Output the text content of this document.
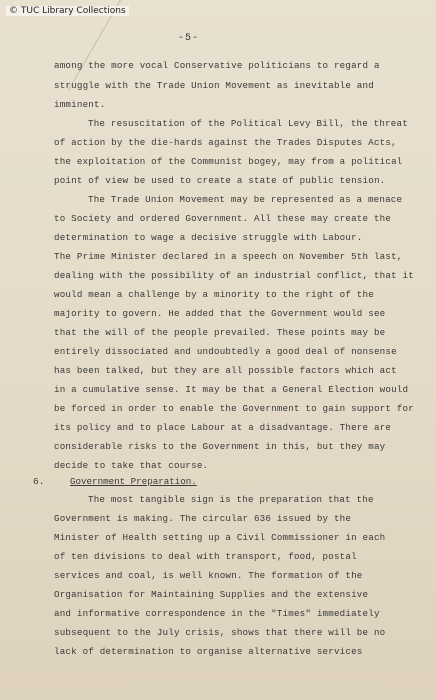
© TUC Library Collections
-5-
among the more vocal Conservative politicians to regard a
struggle with the Trade Union Movement as inevitable and
imminent.
The resuscitation of the Political Levy Bill, the threat
of action by the die-hards against the Trades Disputes Acts,
the exploitation of the Communist bogey, may from a political
point of view be used to create a state of public tension.
The Trade Union Movement may be represented as a menace
to Society and ordered Government. All these may create the
determination to wage a decisive struggle with Labour.
The Prime Minister declared in a speech on November 5th last,
dealing with the possibility of an industrial conflict, that it
would mean a challenge by a minority to the right of the
majority to govern. He added that the Government would see
that the will of the people prevailed. These points may be
entirely dissociated and undoubtedly a good deal of nonsense
has been talked, but they are all possible factors which act
in a cumulative sense. It may be that a General Election would
be forced in order to enable the Government to gain support for
its policy and to place Labour at a disadvantage. There are
considerable risks to the Government in this, but they may
decide to take that course.
6.	Government Preparation.
The most tangible sign is the preparation that the
Government is making. The circular 636 issued by the
Minister of Health setting up a Civil Commissioner in each
of ten divisions to deal with transport, food, postal
services and coal, is well known. The formation of the
Organisation for Maintaining Supplies and the extensive
and informative correspondence in the "Times" immediately
subsequent to the July crisis, shows that there will be no
lack of determination to organise alternative services
